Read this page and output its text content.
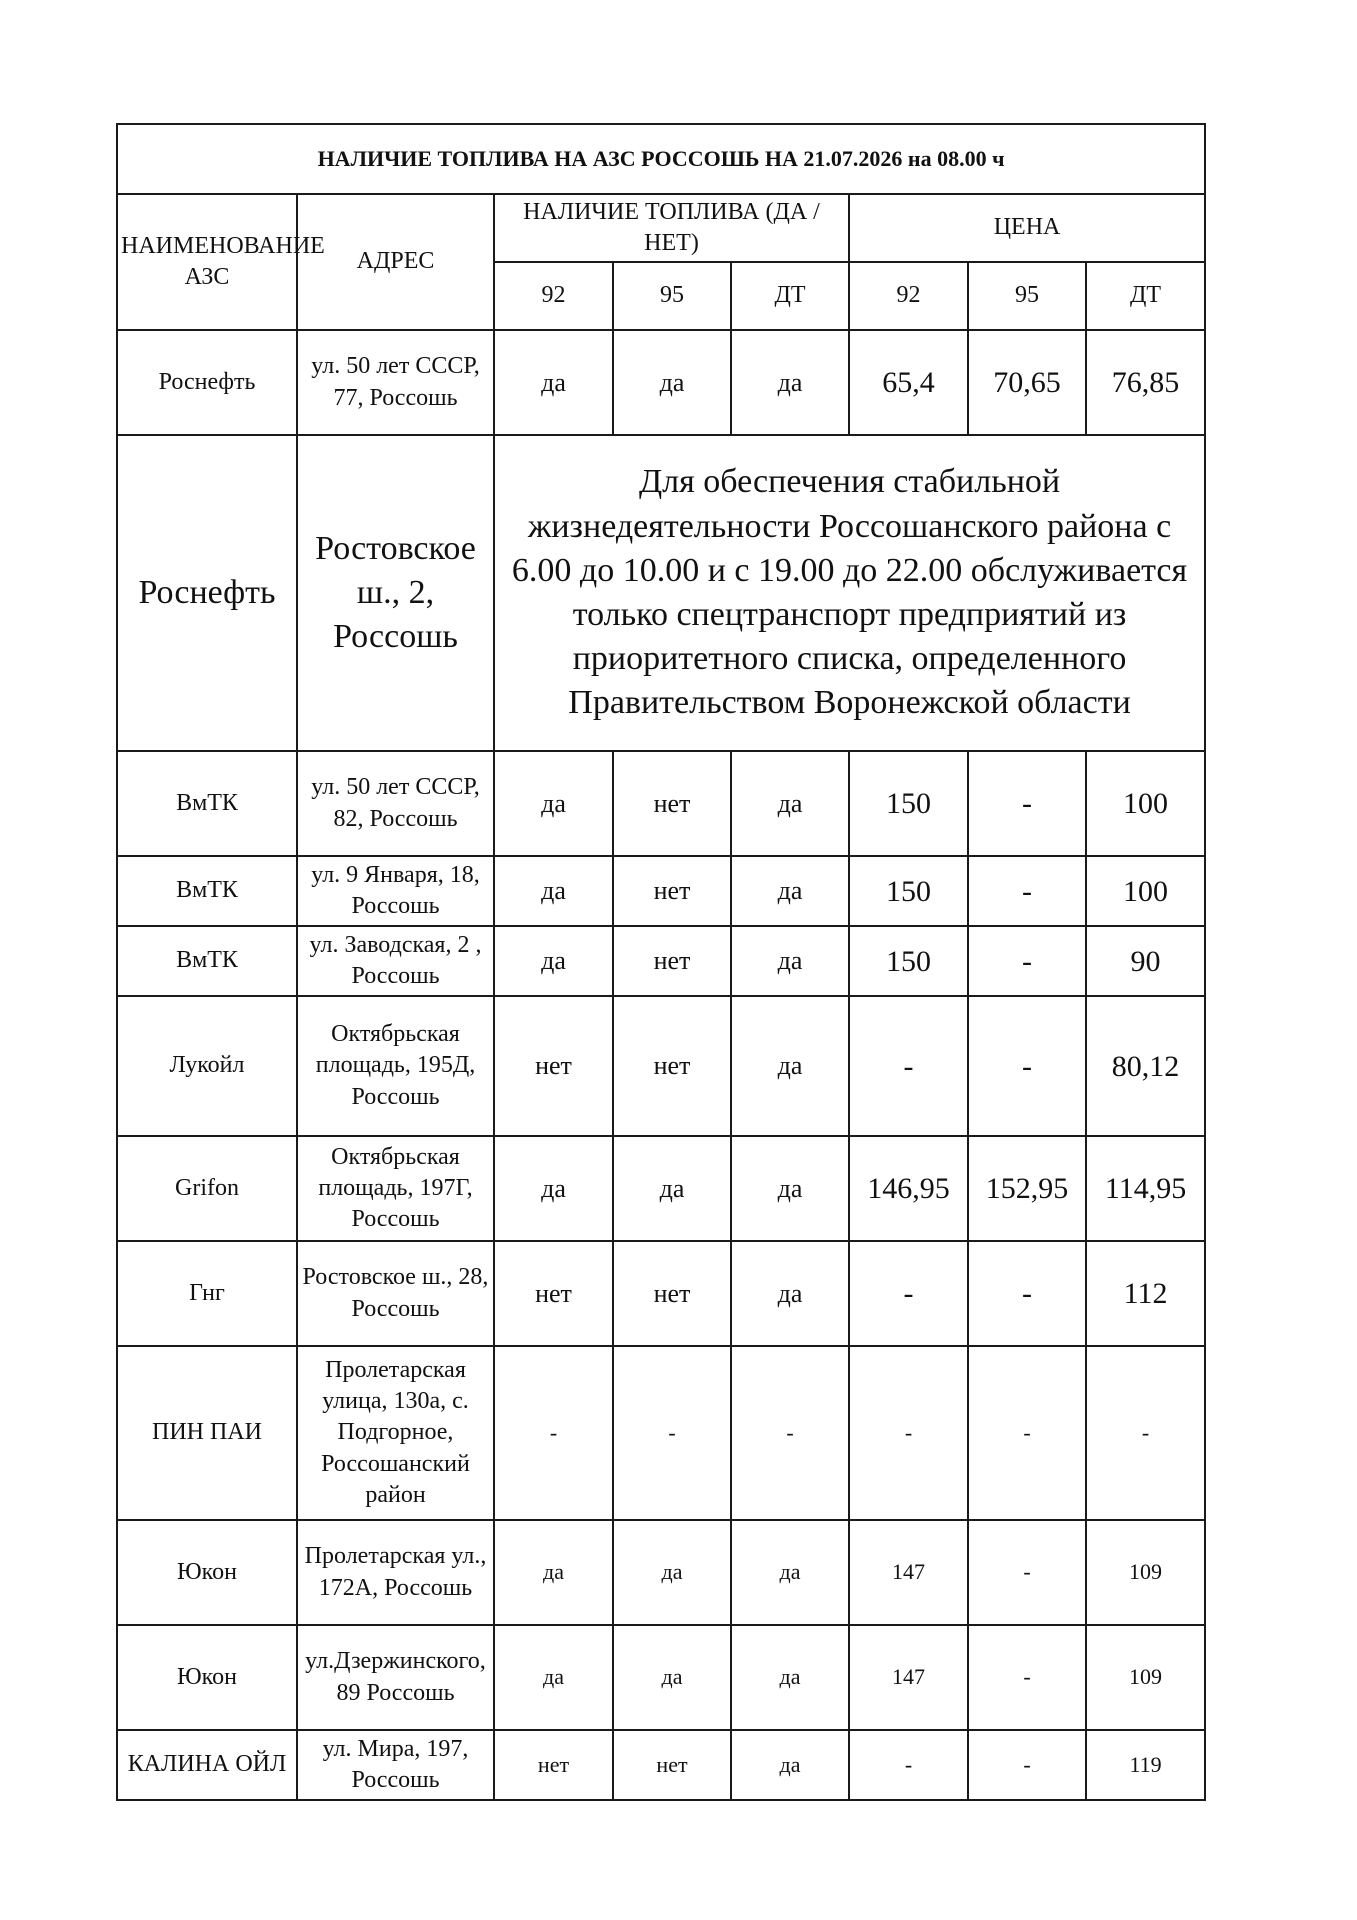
НАЛИЧИЕ ТОПЛИВА НА АЗС РОССОШЬ НА 21.07.2026 на 08.00 ч							
НАИМЕНОВАНИЕ АЗС	АДРЕС	НАЛИЧИЕ ТОПЛИВА (ДА / НЕТ)			ЦЕНА		
		92	95	ДТ	92	95	ДТ
Роснефть	ул. 50 лет СССР, 77, Россошь	да	да	да	65,4	70,65	76,85
Роснефть	Ростовское ш., 2, Россошь	Для обеспечения стабильной жизнедеятельности Россошанского района с 6.00 до 10.00 и с 19.00 до 22.00 обслуживается только спецтранспорт предприятий из приоритетного списка, определенного Правительством Воронежской области					
ВмТК	ул. 50 лет СССР, 82, Россошь	да	нет	да	150	-	100
ВмТК	ул. 9 Января, 18, Россошь	да	нет	да	150	-	100
ВмТК	ул. Заводская, 2 , Россошь	да	нет	да	150	-	90
Лукойл	Октябрьская площадь, 195Д, Россошь	нет	нет	да	-	-	80,12
Grifon	Октябрьская площадь, 197Г, Россошь	да	да	да	146,95	152,95	114,95
Гнг	Ростовское ш., 28, Россошь	нет	нет	да	-	-	112
ПИН ПАИ	Пролетарская улица, 130а, с. Подгорное, Россошанский район	-	-	-	-	-	-
Юкон	Пролетарская ул., 172А, Россошь	да	да	да	147	-	109
Юкон	ул.Дзержинского, 89 Россошь	да	да	да	147	-	109
КАЛИНА ОЙЛ	ул. Мира, 197, Россошь	нет	нет	да	-	-	119
